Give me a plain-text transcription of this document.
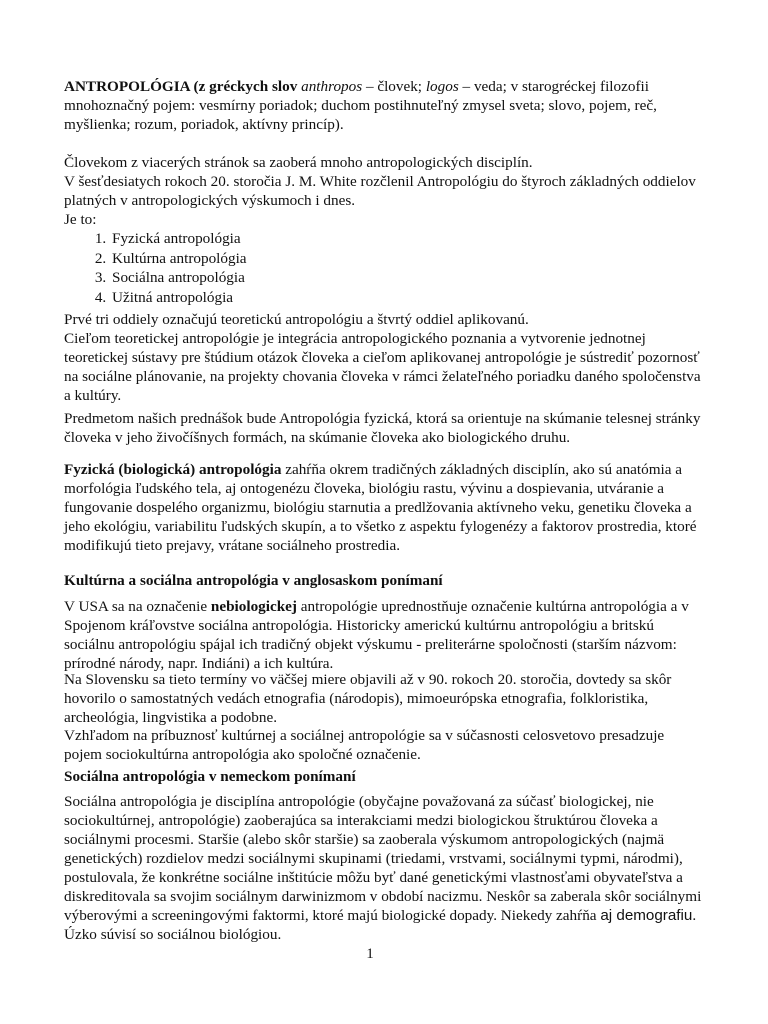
ANTROPOLÓGIA (z gréckych slov anthropos – človek; logos – veda; v starogréckej filozofii mnohoznačný pojem: vesmírny poriadok; duchom postihnuteľný zmysel sveta; slovo, pojem, reč, myšlienka; rozum, poriadok, aktívny princíp).

Človekom z viacerých stránok sa zaoberá mnoho antropologických disciplín.

V šesťdesiatych rokoch 20. storočia J. M. White rozčlenil Antropológiu do štyroch základných oddielov platných v antropologických výskumoch i dnes.

Je to:

1. Fyzická antropológia
2. Kultúrna antropológia
3. Sociálna antropológia
4. Užitná antropológia

Prvé tri oddiely označujú teoretickú antropológiu a štvrtý oddiel aplikovanú.

Cieľom teoretickej antropológie je integrácia antropologického poznania a vytvorenie jednotnej teoretickej sústavy pre štúdium otázok človeka a cieľom aplikovanej antropológie je sústrediť pozornosť na sociálne plánovanie, na projekty chovania človeka v rámci želateľného poriadku daného spoločenstva a kultúry.

Predmetom našich prednášok bude Antropológia fyzická, ktorá sa orientuje na skúmanie telesnej stránky človeka v jeho živočíšnych formách, na skúmanie človeka ako biologického druhu.

Fyzická (biologická) antropológia zahŕňa okrem tradičných základných disciplín, ako sú anatómia a morfológia ľudského tela, aj ontogenézu človeka, biológiu rastu, vývinu a dospievania, utváranie a fungovanie dospelého organizmu, biológiu starnutia a predlžovania aktívneho veku, genetiku človeka a jeho ekológiu, variabilitu ľudských skupín, a to všetko z aspektu fylogenézy a faktorov prostredia, ktoré modifikujú tieto prejavy, vrátane sociálneho prostredia.

Kultúrna a sociálna antropológia v anglosaskom ponímaní

V USA sa na označenie nebiologickej antropológie uprednostňuje označenie kultúrna antropológia a v Spojenom kráľovstve sociálna antropológia. Historicky americkú kultúrnu antropológiu a britskú sociálnu antropológiu spájal ich tradičný objekt výskumu - preliterárne spoločnosti (starším názvom: prírodné národy, napr. Indiáni) a ich kultúra.

Na Slovensku sa tieto termíny vo väčšej miere objavili až v 90. rokoch 20. storočia, dovtedy sa skôr hovorilo o samostatných vedách etnografia (národopis), mimoeurópska etnografia, folkloristika, archeológia, lingvistika a podobne.

Vzhľadom na príbuznosť kultúrnej a sociálnej antropológie sa v súčasnosti celosvetovo presadzuje pojem sociokultúrna antropológia ako spoločné označenie.

Sociálna antropológia v nemeckom ponímaní

Sociálna antropológia je disciplína antropológie (obyčajne považovaná za súčasť biologickej, nie sociokultúrnej, antropológie) zaoberajúca sa interakciami medzi biologickou štruktúrou človeka a sociálnymi procesmi. Staršie (alebo skôr staršie) sa zaoberala výskumom antropologických (najmä genetických) rozdielov medzi sociálnymi skupinami (triedami, vrstvami, sociálnymi typmi, národmi), postulovala, že konkrétne sociálne inštitúcie môžu byť dané genetickými vlastnosťami obyvateľstva a diskreditovala sa svojim sociálnym darwinizmom v období nacizmu. Neskôr sa zaberala skôr sociálnymi výberovými a screeningovými faktormi, ktoré majú biologické dopady. Niekedy zahŕňa aj demografiu. Úzko súvisí so sociálnou biológiou.

1
